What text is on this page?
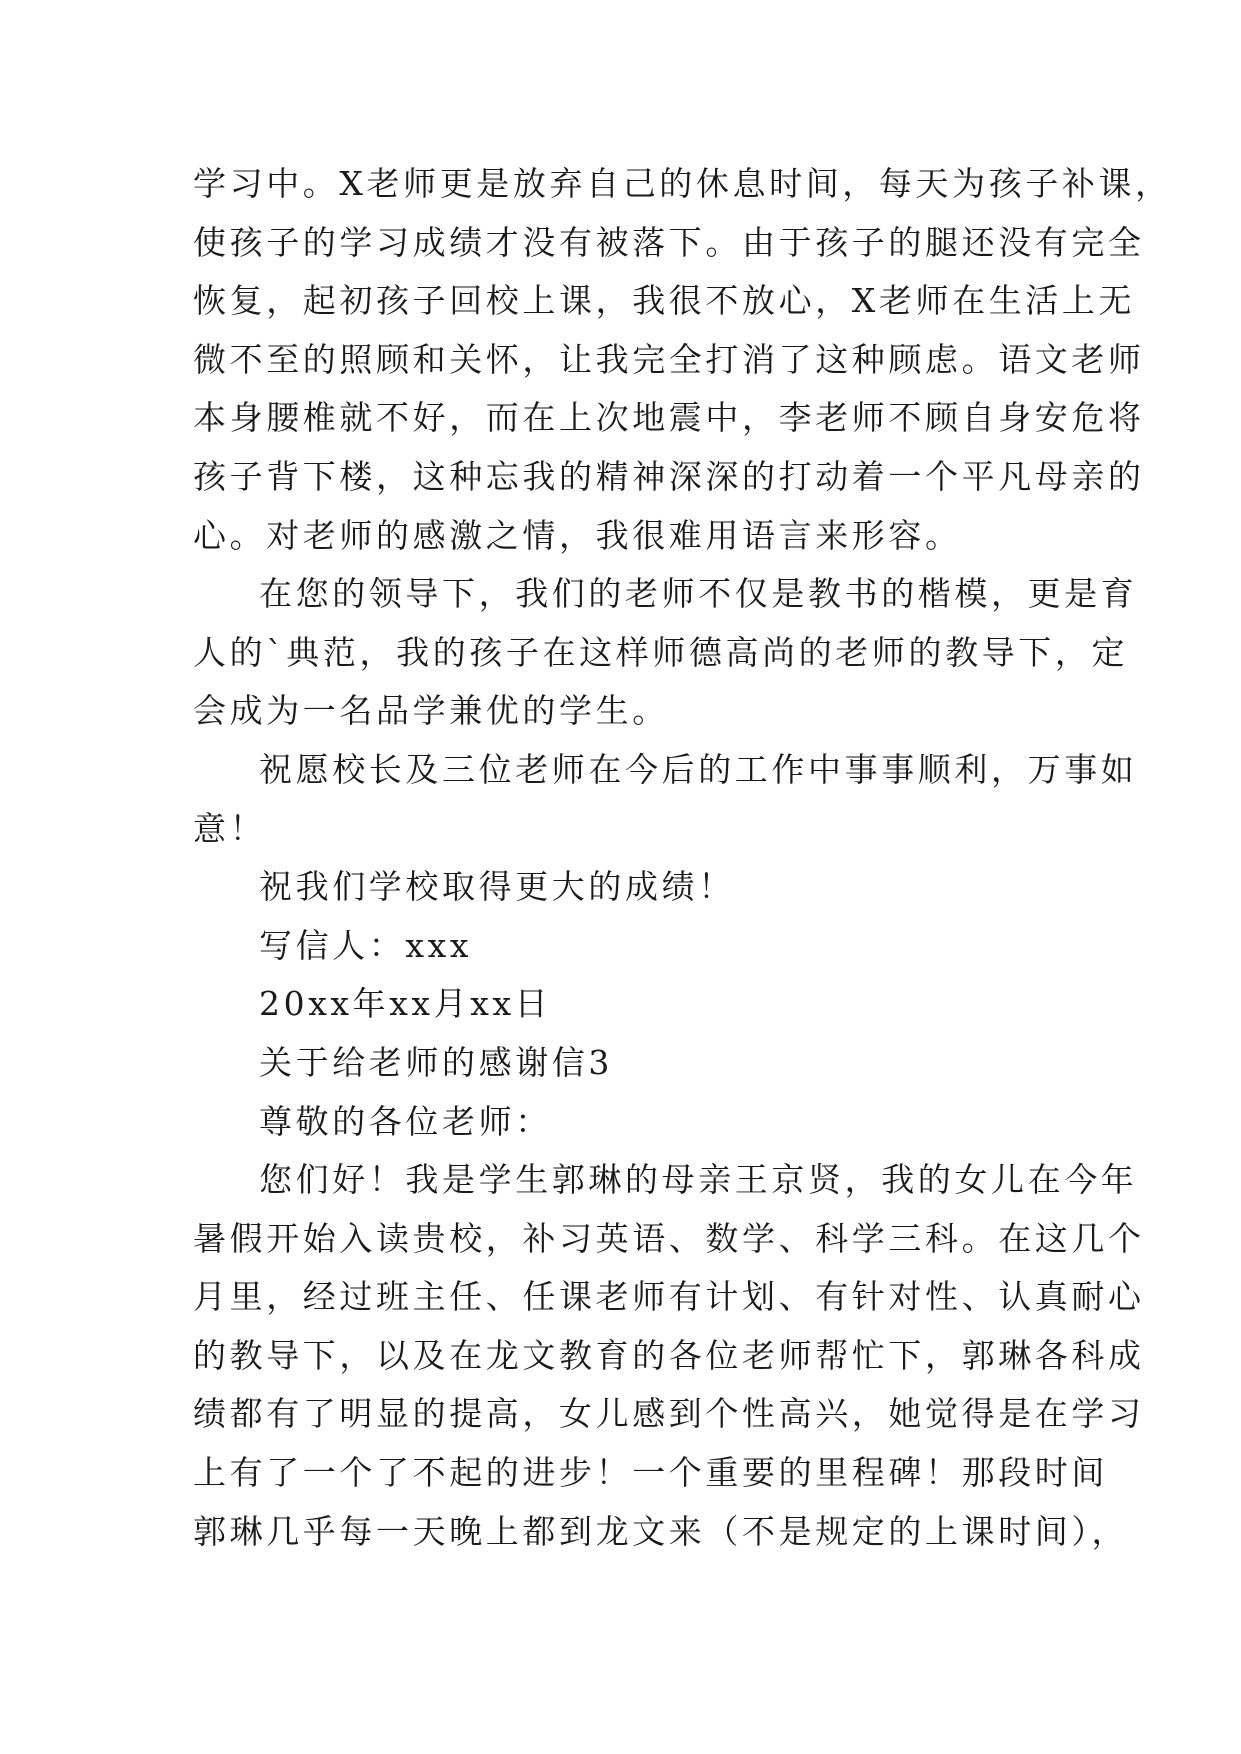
学习中。X老师更是放弃自己的休息时间，每天为孩子补课，
使孩子的学习成绩才没有被落下。由于孩子的腿还没有完全
恢复，起初孩子回校上课，我很不放心，X老师在生活上无
微不至的照顾和关怀，让我完全打消了这种顾虑。语文老师
本身腰椎就不好，而在上次地震中，李老师不顾自身安危将
孩子背下楼，这种忘我的精神深深的打动着一个平凡母亲的
心。对老师的感激之情，我很难用语言来形容。
在您的领导下，我们的老师不仅是教书的楷模，更是育
人的`典范，我的孩子在这样师德高尚的老师的教导下，定
会成为一名品学兼优的学生。
祝愿校长及三位老师在今后的工作中事事顺利，万事如
意！
祝我们学校取得更大的成绩！
写信人：xxx
20xx年xx月xx日
关于给老师的感谢信3
尊敬的各位老师：
您们好！我是学生郭琳的母亲王京贤，我的女儿在今年
暑假开始入读贵校，补习英语、数学、科学三科。在这几个
月里，经过班主任、任课老师有计划、有针对性、认真耐心
的教导下，以及在龙文教育的各位老师帮忙下，郭琳各科成
绩都有了明显的提高，女儿感到个性高兴，她觉得是在学习
上有了一个了不起的进步！一个重要的里程碑！那段时间
郭琳几乎每一天晚上都到龙文来（不是规定的上课时间），
